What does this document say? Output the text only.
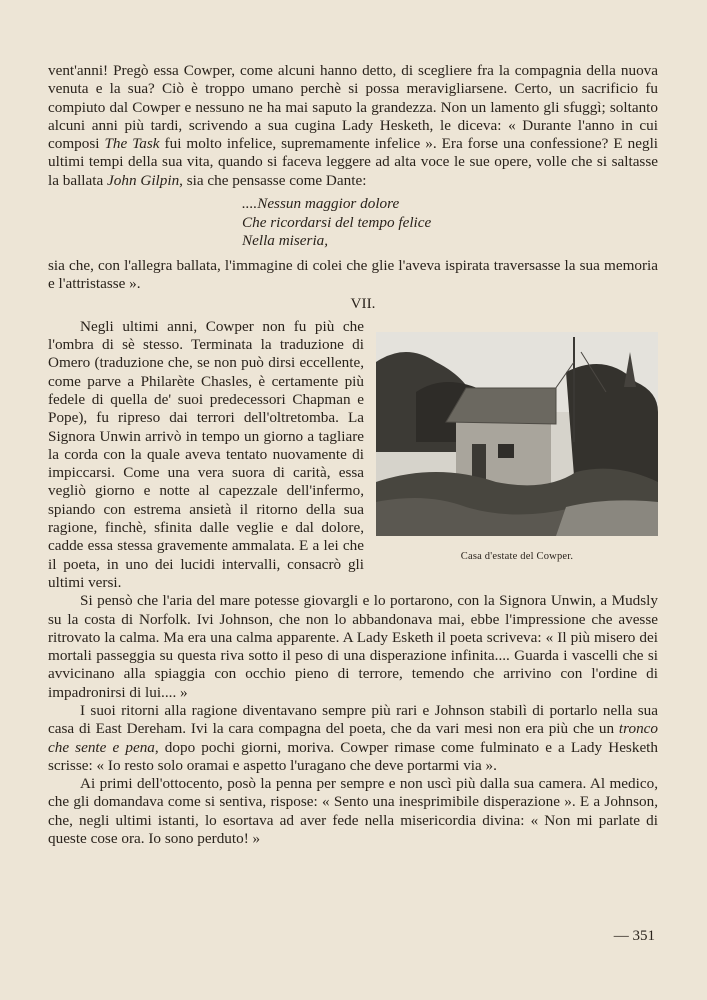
vent'anni! Pregò essa Cowper, come alcuni hanno detto, di scegliere fra la compagnia della nuova venuta e la sua? Ciò è troppo umano perchè si possa meravigliarsene. Certo, un sacrificio fu compiuto dal Cowper e nessuno ne ha mai saputo la grandezza. Non un lamento gli sfuggì; soltanto alcuni anni più tardi, scrivendo a sua cugina Lady Hesketh, le diceva: « Durante l'anno in cui composi The Task fui molto infelice, supremamente infelice ». Era forse una confessione? E negli ultimi tempi della sua vita, quando si faceva leggere ad alta voce le sue opere, volle che si saltasse la ballata John Gilpin, sia che pensasse come Dante:

....Nessun maggior dolore

Che ricordarsi del tempo felice

Nella miseria,

sia che, con l'allegra ballata, l'immagine di colei che glie l'aveva ispirata traversasse la sua memoria e l'attristasse ».

VII.

Casa d'estate del Cowper.

Negli ultimi anni, Cowper non fu più che l'ombra di sè stesso. Terminata la traduzione di Omero (traduzione che, se non può dirsi eccellente, come parve a Philarète Chasles, è certamente più fedele di quella de' suoi predecessori Chapman e Pope), fu ripreso dai terrori dell'oltretomba. La Signora Unwin arrivò in tempo un giorno a tagliare la corda con la quale aveva tentato nuovamente di impiccarsi. Come una vera suora di carità, essa vegliò giorno e notte al capezzale dell'infermo, spiando con estrema ansietà il ritorno della sua ragione, finchè, sfinita dalle veglie e dal dolore, cadde essa stessa gravemente ammalata. E a lei che il poeta, in uno dei lucidi intervalli, consacrò gli ultimi versi.

Si pensò che l'aria del mare potesse giovargli e lo portarono, con la Signora Unwin, a Mudsly su la costa di Norfolk. Ivi Johnson, che non lo abbandonava mai, ebbe l'impressione che avesse ritrovato la calma. Ma era una calma apparente. A Lady Esketh il poeta scriveva: « Il più misero dei mortali passeggia su questa riva sotto il peso di una disperazione infinita.... Guarda i vascelli che si avvicinano alla spiaggia con occhio pieno di terrore, temendo che arrivino con l'ordine di impadronirsi di lui.... »

I suoi ritorni alla ragione diventavano sempre più rari e Johnson stabilì di portarlo nella sua casa di East Dereham. Ivi la cara compagna del poeta, che da vari mesi non era più che un tronco che sente e pena, dopo pochi giorni, moriva. Cowper rimase come fulminato e a Lady Hesketh scrisse: « Io resto solo oramai e aspetto l'uragano che deve portarmi via ».

Ai primi dell'ottocento, posò la penna per sempre e non uscì più dalla sua camera. Al medico, che gli domandava come si sentiva, rispose: « Sento una inesprimibile disperazione ». E a Johnson, che, negli ultimi istanti, lo esortava ad aver fede nella misericordia divina: « Non mi parlate di queste cose ora. Io sono perduto! »

— 351
